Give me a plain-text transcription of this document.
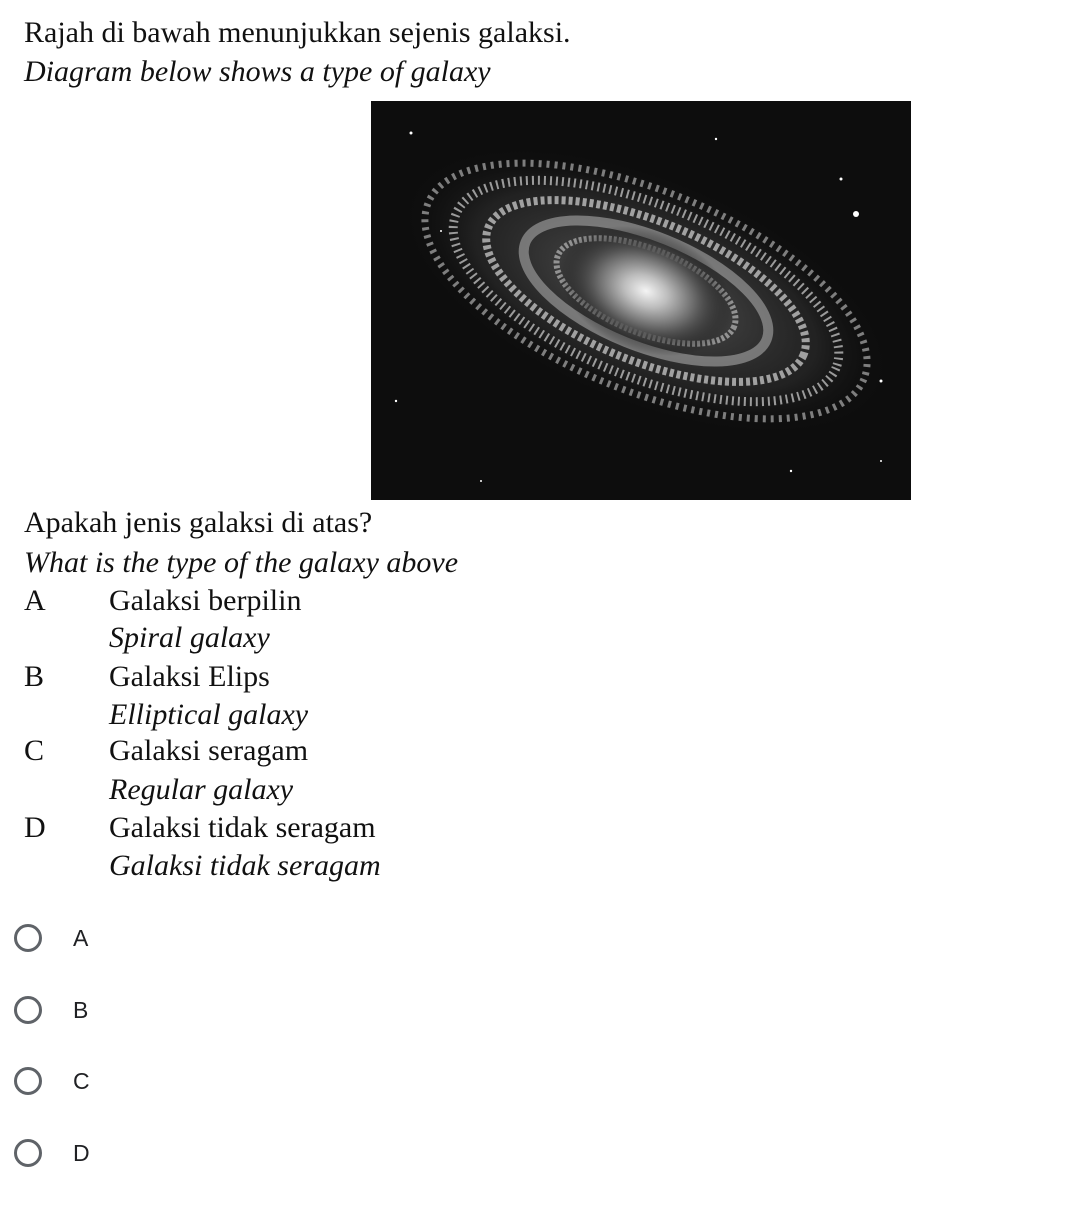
Rajah di bawah menunjukkan sejenis galaksi.
Diagram below shows a type of galaxy
Apakah jenis galaksi di atas?
What is the type of the galaxy above
A Galaksi berpilin
Spiral galaxy
B Galaksi Elips
Elliptical galaxy
C Galaksi seragam
Regular galaxy
D Galaksi tidak seragam
Galaksi tidak seragam
A
B
C
D
